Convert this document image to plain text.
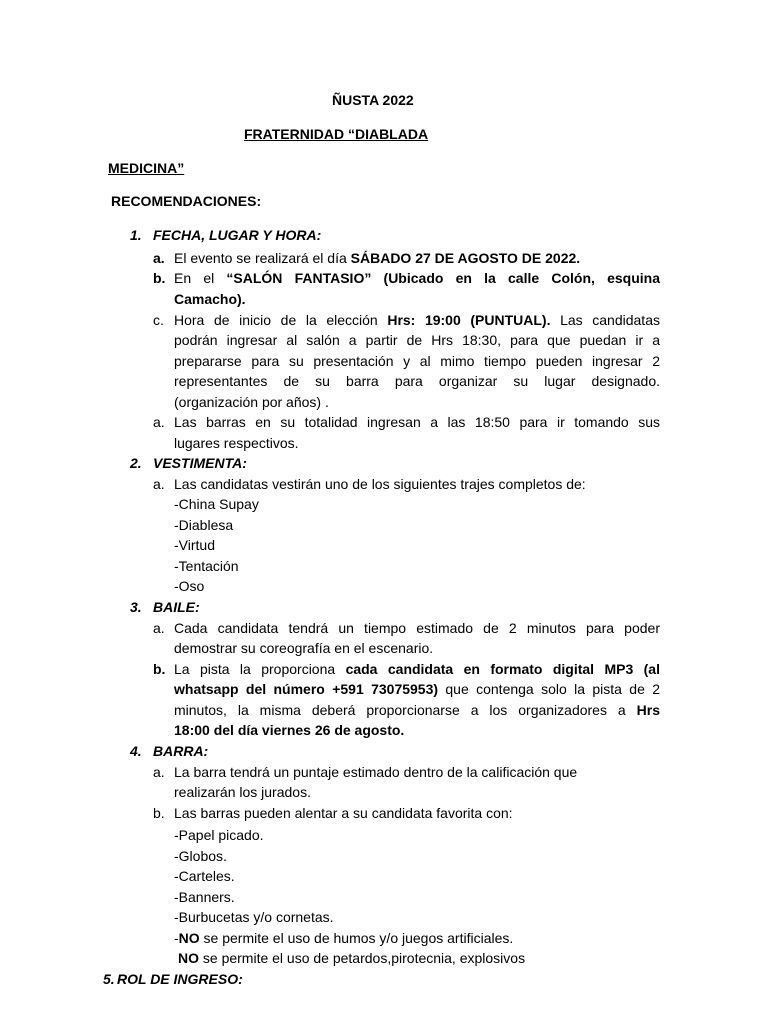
ÑUSTA 2022
FRATERNIDAD “DIABLADA
MEDICINA”
RECOMENDACIONES:
1. FECHA, LUGAR Y HORA:
a. El evento se realizará el día SÁBADO 27 DE AGOSTO DE 2022.
b. En el “SALÓN FANTASIO” (Ubicado en la calle Colón, esquina
Camacho).
c. Hora de inicio de la elección Hrs: 19:00 (PUNTUAL). Las candidatas
podrán ingresar al salón a partir de Hrs 18:30, para que puedan ir a
prepararse para su presentación y al mimo tiempo pueden ingresar 2
representantes de su barra para organizar su lugar designado.
(organización por años) .
a. Las barras en su totalidad ingresan a las 18:50 para ir tomando sus
lugares respectivos.
2. VESTIMENTA:
a. Las candidatas vestirán uno de los siguientes trajes completos de:
-China Supay
-Diablesa
-Virtud
-Tentación
-Oso
3. BAILE:
a. Cada candidata tendrá un tiempo estimado de 2 minutos para poder
demostrar su coreografía en el escenario.
b. La pista la proporciona cada candidata en formato digital MP3 (al
whatsapp del número +591 73075953) que contenga solo la pista de 2
minutos, la misma deberá proporcionarse a los organizadores a Hrs
18:00 del día viernes 26 de agosto.
4. BARRA:
a. La barra tendrá un puntaje estimado dentro de la calificación que
realizarán los jurados.
b. Las barras pueden alentar a su candidata favorita con:
-Papel picado.
-Globos.
-Carteles.
-Banners.
-Burbucetas y/o cornetas.
-NO se permite el uso de humos y/o juegos artificiales.
NO se permite el uso de petardos,pirotecnia, explosivos
5. ROL DE INGRESO:
